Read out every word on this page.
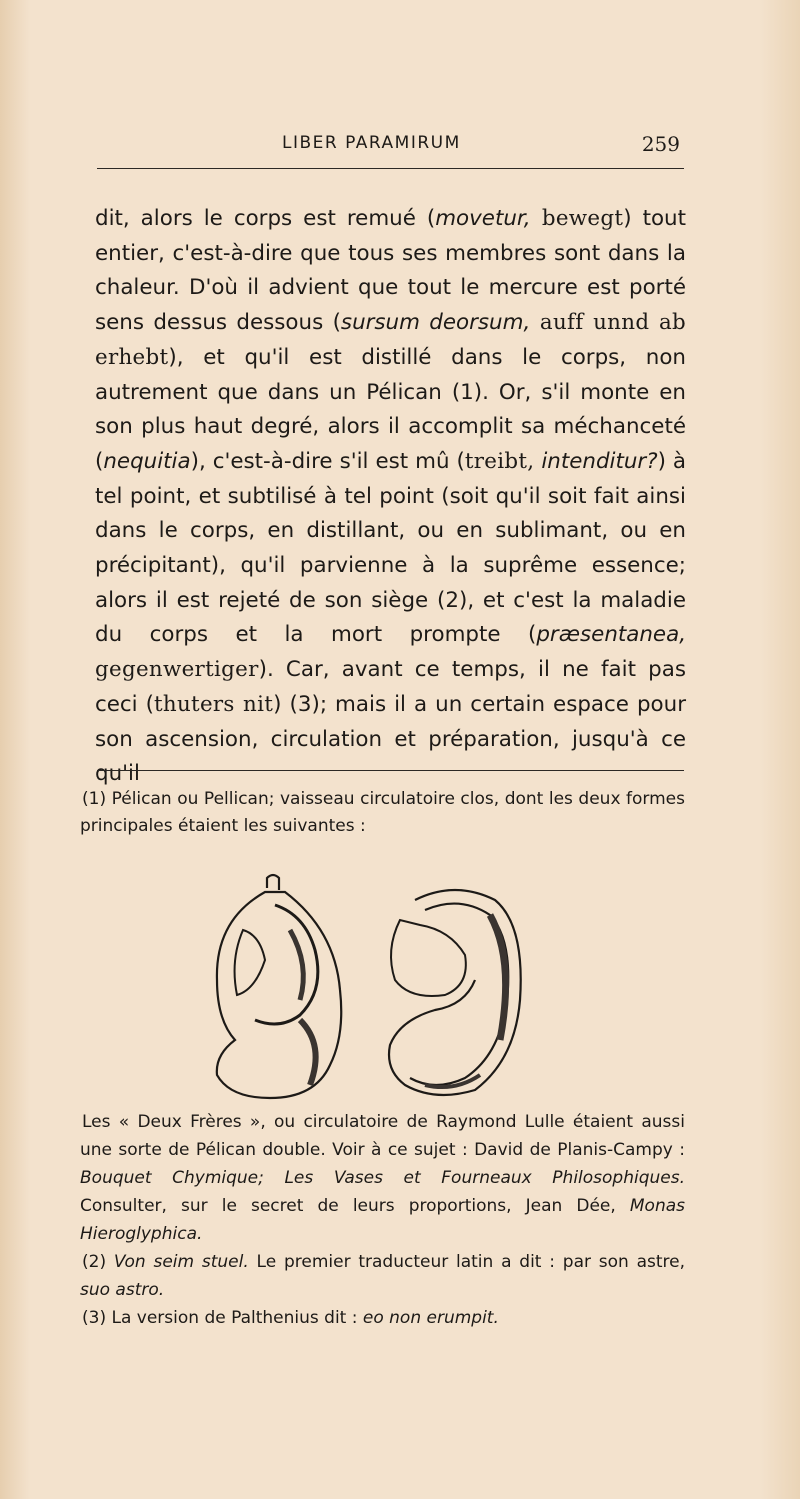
LIBER PARAMIRUM	259

dit, alors le corps est remué (movetur, bewegt) tout entier, c'est-à-dire que tous ses membres sont dans la chaleur. D'où il advient que tout le mercure est porté sens dessus dessous (sursum deorsum, auff unnd ab erhebt), et qu'il est distillé dans le corps, non autrement que dans un Pélican (1). Or, s'il monte en son plus haut degré, alors il accomplit sa méchanceté (nequitia), c'est-à-dire s'il est mû (treibt, intenditur?) à tel point, et subtilisé à tel point (soit qu'il soit fait ainsi dans le corps, en distillant, ou en sublimant, ou en précipitant), qu'il parvienne à la suprême essence; alors il est rejeté de son siège (2), et c'est la maladie du corps et la mort prompte (præsentanea, gegenwertiger). Car, avant ce temps, il ne fait pas ceci (thuters nit) (3); mais il a un certain espace pour son ascension, circulation et préparation, jusqu'à ce qu'il

(1) Pélican ou Pellican; vaisseau circulatoire clos, dont les deux formes principales étaient les suivantes :

Les « Deux Frères », ou circulatoire de Raymond Lulle étaient aussi une sorte de Pélican double. Voir à ce sujet : David de Planis-Campy : Bouquet Chymique; Les Vases et Fourneaux Philosophiques. Consulter, sur le secret de leurs proportions, Jean Dée, Monas Hieroglyphica.

(2) Von seim stuel. Le premier traducteur latin a dit : par son astre, suo astro.

(3) La version de Palthenius dit : eo non erumpit.
